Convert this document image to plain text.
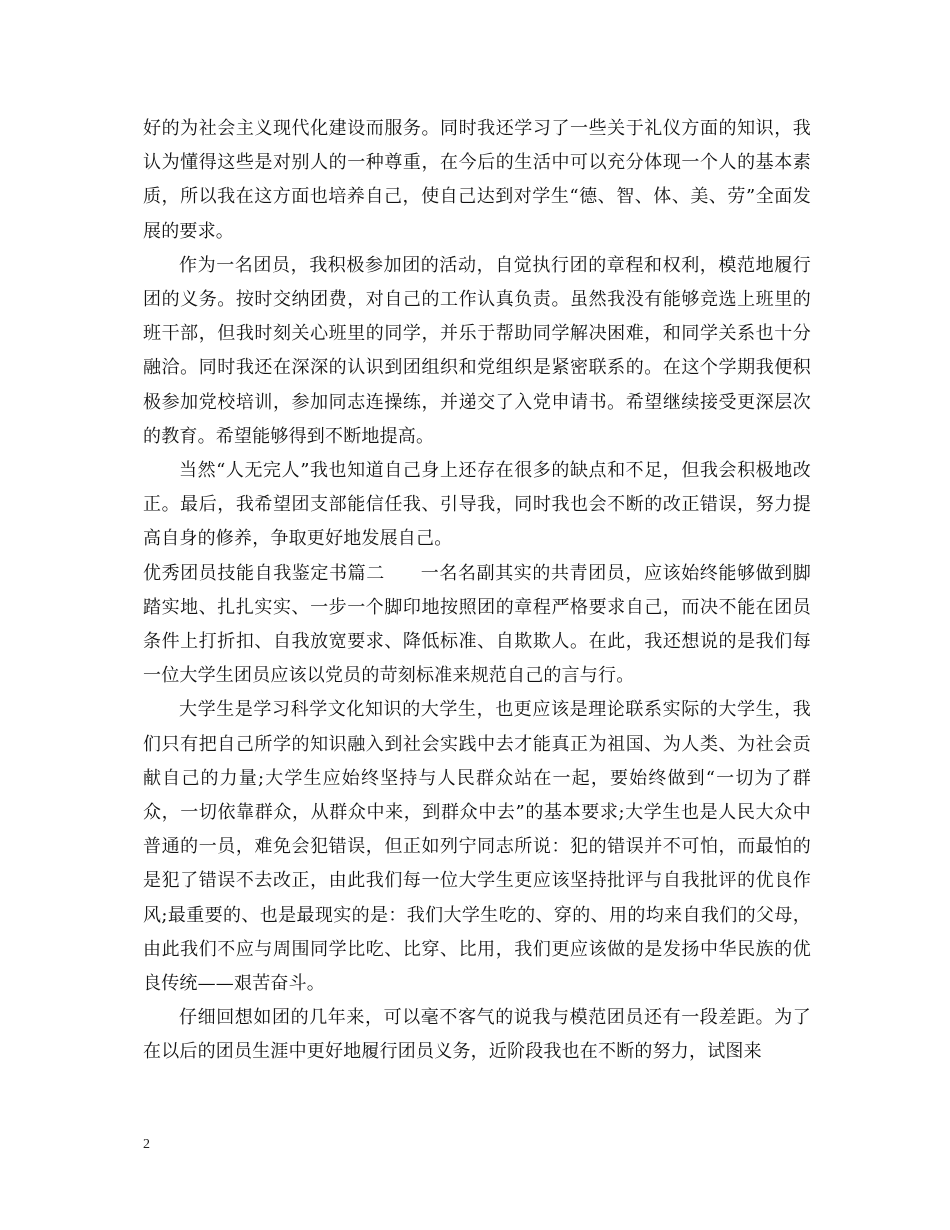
好的为社会主义现代化建设而服务。同时我还学习了一些关于礼仪方面的知识，我认为懂得这些是对别人的一种尊重，在今后的生活中可以充分体现一个人的基本素质，所以我在这方面也培养自己，使自己达到对学生“德、智、体、美、劳”全面发展的要求。

作为一名团员，我积极参加团的活动，自觉执行团的章程和权利，模范地履行团的义务。按时交纳团费，对自己的工作认真负责。虽然我没有能够竞选上班里的班干部，但我时刻关心班里的同学，并乐于帮助同学解决困难，和同学关系也十分融洽。同时我还在深深的认识到团组织和党组织是紧密联系的。在这个学期我便积极参加党校培训，参加同志连操练，并递交了入党申请书。希望继续接受更深层次的教育。希望能够得到不断地提高。

当然“人无完人”我也知道自己身上还存在很多的缺点和不足，但我会积极地改正。最后，我希望团支部能信任我、引导我，同时我也会不断的改正错误，努力提高自身的修养，争取更好地发展自己。

优秀团员技能自我鉴定书篇二 一名名副其实的共青团员，应该始终能够做到脚踏实地、扎扎实实、一步一个脚印地按照团的章程严格要求自己，而决不能在团员条件上打折扣、自我放宽要求、降低标准、自欺欺人。在此，我还想说的是我们每一位大学生团员应该以党员的苛刻标准来规范自己的言与行。

大学生是学习科学文化知识的大学生，也更应该是理论联系实际的大学生，我们只有把自己所学的知识融入到社会实践中去才能真正为祖国、为人类、为社会贡献自己的力量;大学生应始终坚持与人民群众站在一起，要始终做到“一切为了群众，一切依靠群众，从群众中来，到群众中去”的基本要求;大学生也是人民大众中普通的一员，难免会犯错误，但正如列宁同志所说：犯的错误并不可怕，而最怕的是犯了错误不去改正，由此我们每一位大学生更应该坚持批评与自我批评的优良作风;最重要的、也是最现实的是：我们大学生吃的、穿的、用的均来自我们的父母，由此我们不应与周围同学比吃、比穿、比用，我们更应该做的是发扬中华民族的优良传统——艰苦奋斗。

仔细回想如团的几年来，可以毫不客气的说我与模范团员还有一段差距。为了在以后的团员生涯中更好地履行团员义务，近阶段我也在不断的努力，试图来

2
